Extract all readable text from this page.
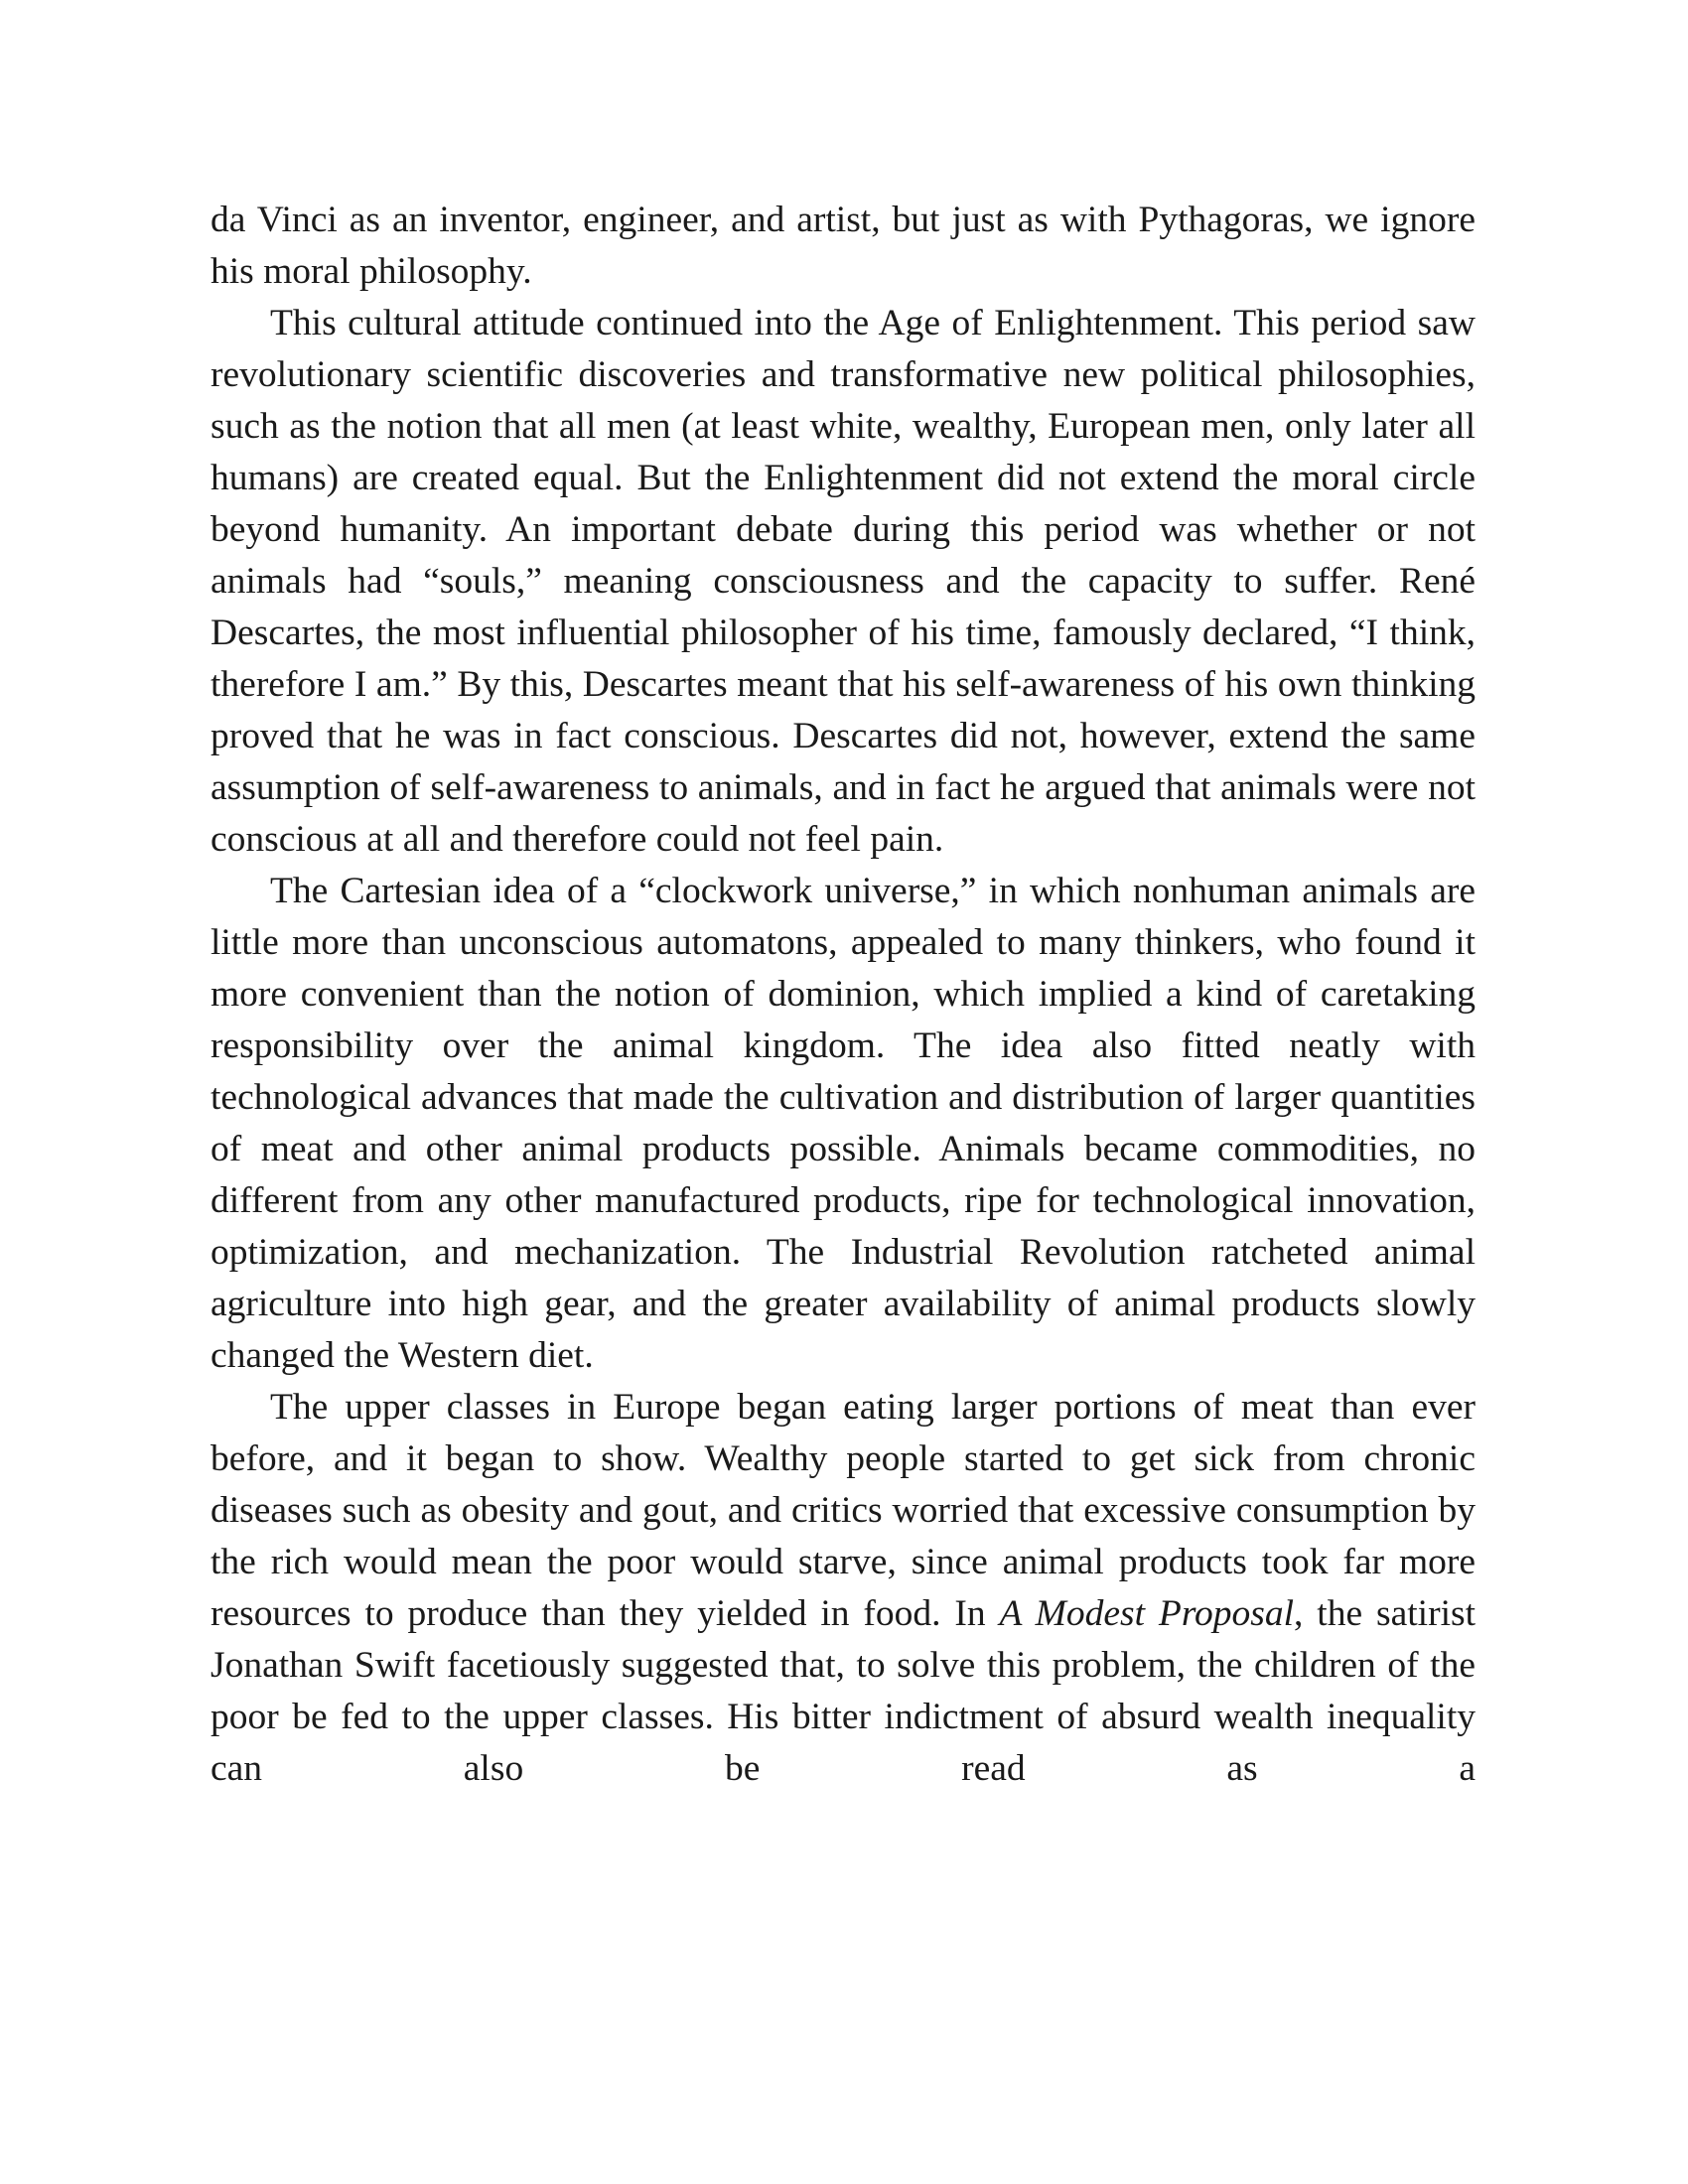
da Vinci as an inventor, engineer, and artist, but just as with Pythagoras, we ignore his moral philosophy.

This cultural attitude continued into the Age of Enlightenment. This period saw revolutionary scientific discoveries and transformative new political philosophies, such as the notion that all men (at least white, wealthy, European men, only later all humans) are created equal. But the Enlightenment did not extend the moral circle beyond humanity. An important debate during this period was whether or not animals had “souls,” meaning consciousness and the capacity to suffer. René Descartes, the most influential philosopher of his time, famously declared, “I think, therefore I am.” By this, Descartes meant that his self-awareness of his own thinking proved that he was in fact conscious. Descartes did not, however, extend the same assumption of self-awareness to animals, and in fact he argued that animals were not conscious at all and therefore could not feel pain.

The Cartesian idea of a “clockwork universe,” in which nonhuman animals are little more than unconscious automatons, appealed to many thinkers, who found it more convenient than the notion of dominion, which implied a kind of caretaking responsibility over the animal kingdom. The idea also fitted neatly with technological advances that made the cultivation and distribution of larger quantities of meat and other animal products possible. Animals became commodities, no different from any other manufactured products, ripe for technological innovation, optimization, and mechanization. The Industrial Revolution ratcheted animal agriculture into high gear, and the greater availability of animal products slowly changed the Western diet.

The upper classes in Europe began eating larger portions of meat than ever before, and it began to show. Wealthy people started to get sick from chronic diseases such as obesity and gout, and critics worried that excessive consumption by the rich would mean the poor would starve, since animal products took far more resources to produce than they yielded in food. In A Modest Proposal, the satirist Jonathan Swift facetiously suggested that, to solve this problem, the children of the poor be fed to the upper classes. His bitter indictment of absurd wealth inequality can also be read as a
